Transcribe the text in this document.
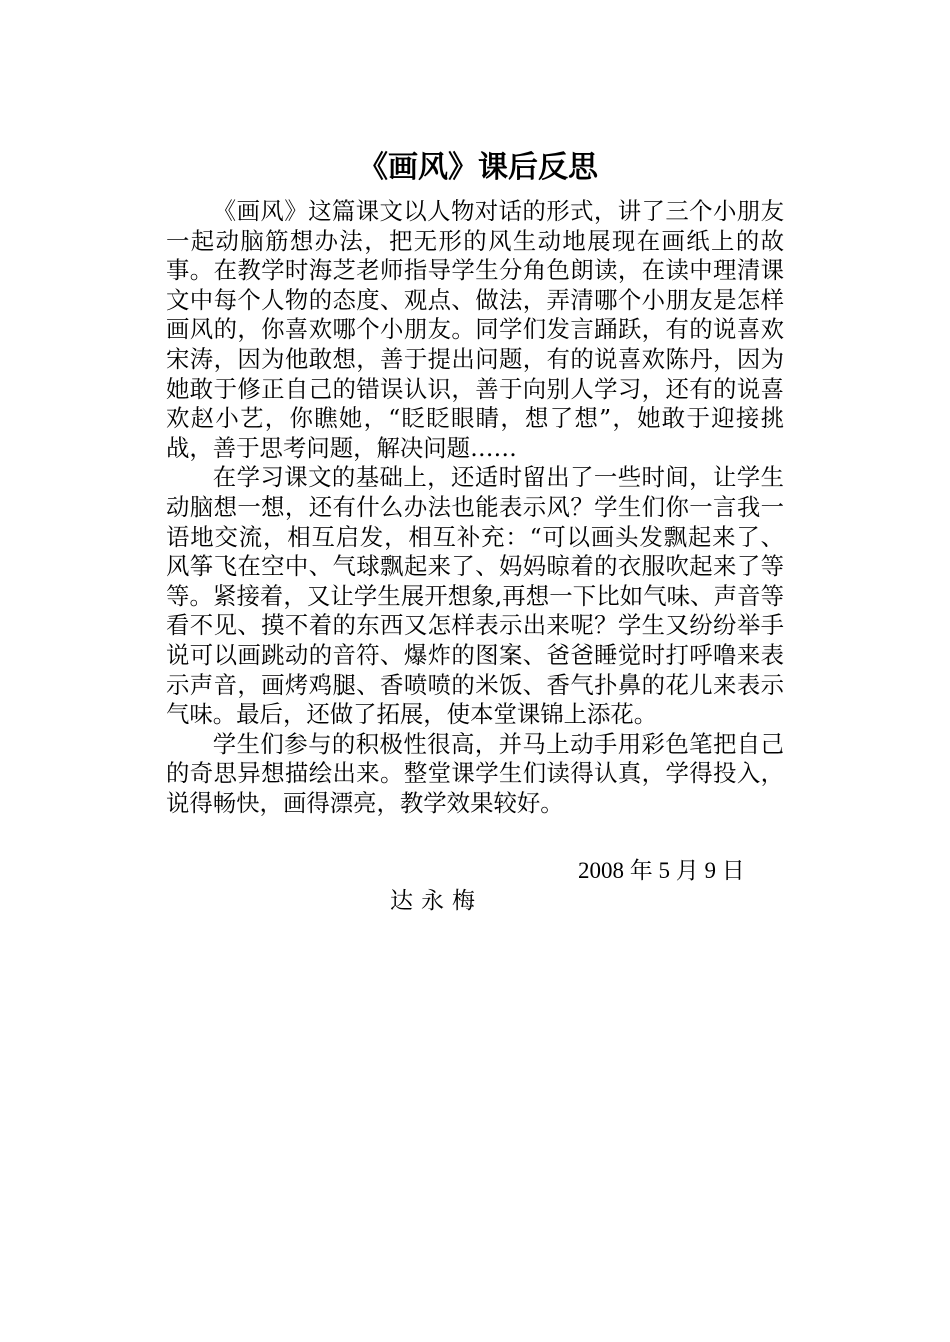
《画风》课后反思

《画风》这篇课文以人物对话的形式，讲了三个小朋友一起动脑筋想办法，把无形的风生动地展现在画纸上的故事。在教学时海芝老师指导学生分角色朗读，在读中理清课文中每个人物的态度、观点、做法，弄清哪个小朋友是怎样画风的，你喜欢哪个小朋友。同学们发言踊跃，有的说喜欢宋涛，因为他敢想，善于提出问题，有的说喜欢陈丹，因为她敢于修正自己的错误认识，善于向别人学习，还有的说喜欢赵小艺，你瞧她，“眨眨眼睛，想了想”，她敢于迎接挑战，善于思考问题，解决问题……

在学习课文的基础上，还适时留出了一些时间，让学生动脑想一想，还有什么办法也能表示风？学生们你一言我一语地交流，相互启发，相互补充：“可以画头发飘起来了、风筝飞在空中、气球飘起来了、妈妈晾着的衣服吹起来了等等。紧接着，又让学生展开想象,再想一下比如气味、声音等看不见、摸不着的东西又怎样表示出来呢？学生又纷纷举手说可以画跳动的音符、爆炸的图案、爸爸睡觉时打呼噜来表示声音，画烤鸡腿、香喷喷的米饭、香气扑鼻的花儿来表示气味。最后，还做了拓展，使本堂课锦上添花。

学生们参与的积极性很高，并马上动手用彩色笔把自己的奇思异想描绘出来。整堂课学生们读得认真，学得投入，说得畅快，画得漂亮，教学效果较好。

2008 年 5 月 9 日
达永梅
